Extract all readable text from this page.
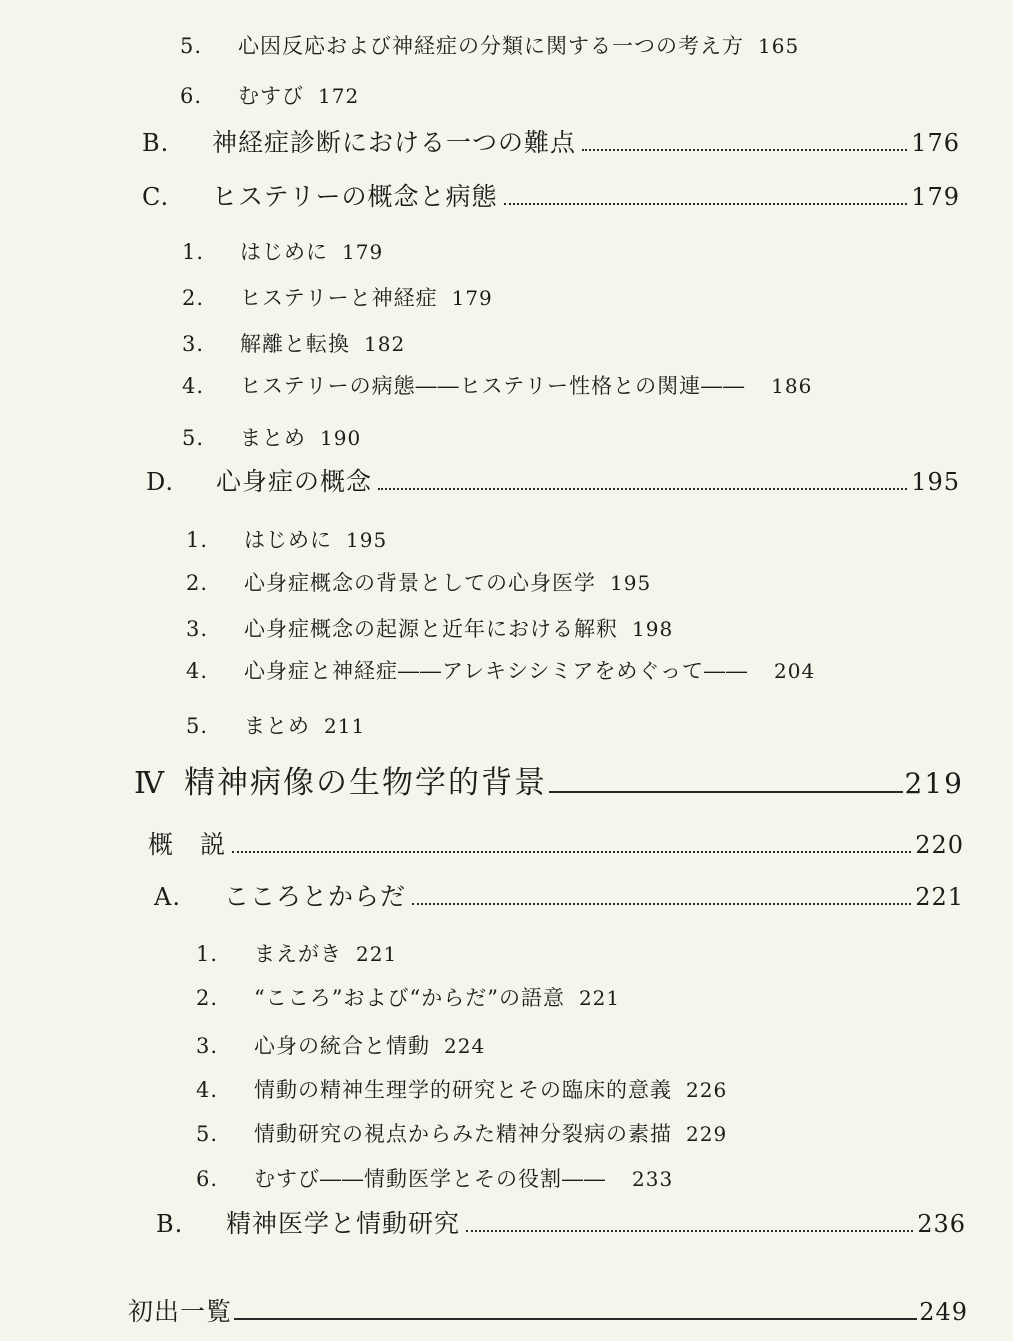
5.	心因反応および神経症の分類に関する一つの考え方 165
6.	むすび 172
B.	神経症診断における一つの難点	176
C.	ヒステリーの概念と病態	179
1.	はじめに 179
2.	ヒステリーと神経症 179
3.	解離と転換 182
4.	ヒステリーの病態――ヒステリー性格との関連―― 186
5.	まとめ 190
D.	心身症の概念	195
1.	はじめに 195
2.	心身症概念の背景としての心身医学 195
3.	心身症概念の起源と近年における解釈 198
4.	心身症と神経症――アレキシシミアをめぐって―― 204
5.	まとめ 211
Ⅳ 精神病像の生物学的背景	219
概　説	220
A.	こころとからだ	221
1.	まえがき 221
2.	“こころ”および“からだ”の語意 221
3.	心身の統合と情動 224
4.	情動の精神生理学的研究とその臨床的意義 226
5.	情動研究の視点からみた精神分裂病の素描 229
6.	むすび――情動医学とその役割―― 233
B.	精神医学と情動研究	236
初出一覧	249
